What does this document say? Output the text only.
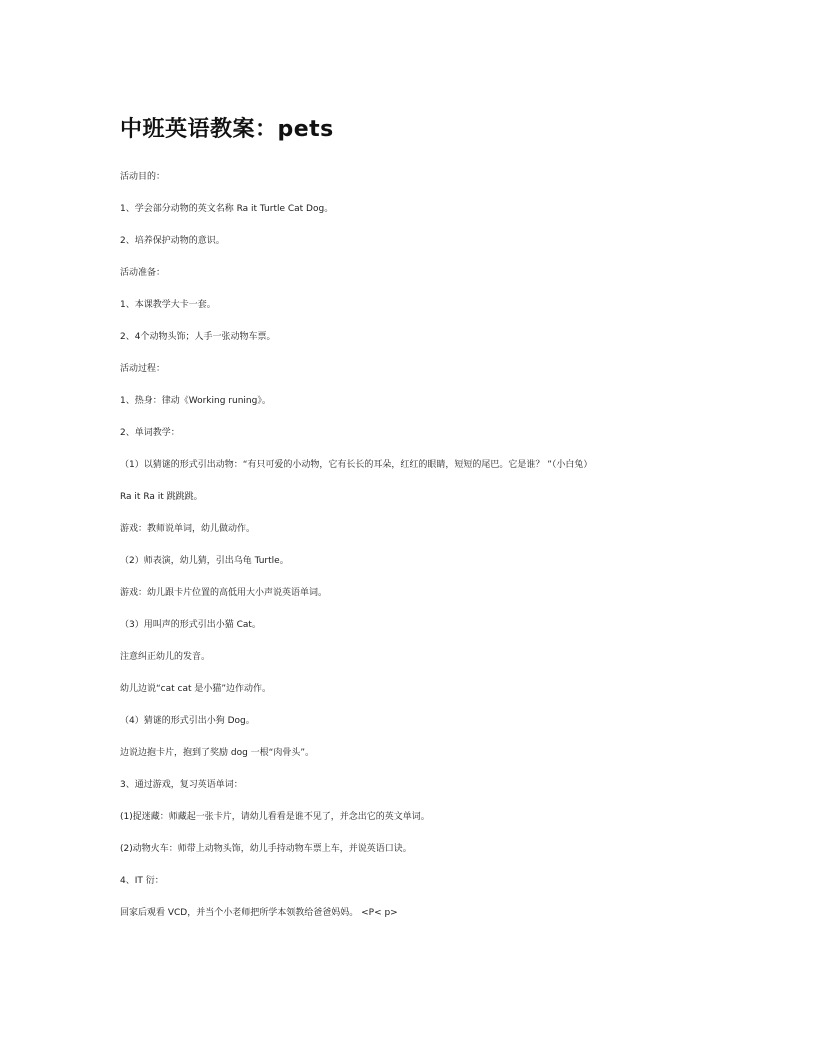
中班英语教案：pets
活动目的：
1、学会部分动物的英文名称 Ra it Turtle Cat Dog。
2、培养保护动物的意识。
活动准备：
1、本课教学大卡一套。
2、4个动物头饰；人手一张动物车票。
活动过程：
1、热身：律动《Working runing》。
2、单词教学：
（1）以猜谜的形式引出动物：“有只可爱的小动物，它有长长的耳朵，红红的眼睛，短短的尾巴。它是谁？ ”（小白兔）
Ra it Ra it 跳跳跳。
游戏：教师说单词，幼儿做动作。
（2）师表演，幼儿猜，引出乌龟 Turtle。
游戏：幼儿跟卡片位置的高低用大小声说英语单词。
（3）用叫声的形式引出小猫 Cat。
注意纠正幼儿的发音。
幼儿边说“cat cat 是小猫”边作动作。
（4）猜谜的形式引出小狗 Dog。
边说边抱卡片，抱到了奖励 dog 一根“肉骨头”。
3、通过游戏，复习英语单词：
(1)捉迷藏：师藏起一张卡片，请幼儿看看是谁不见了，并念出它的英文单词。
(2)动物火车：师带上动物头饰，幼儿手持动物车票上车，并说英语口诀。
4、IT 衍：
回家后观看 VCD，并当个小老师把所学本领教给爸爸妈妈。 <P< p>
